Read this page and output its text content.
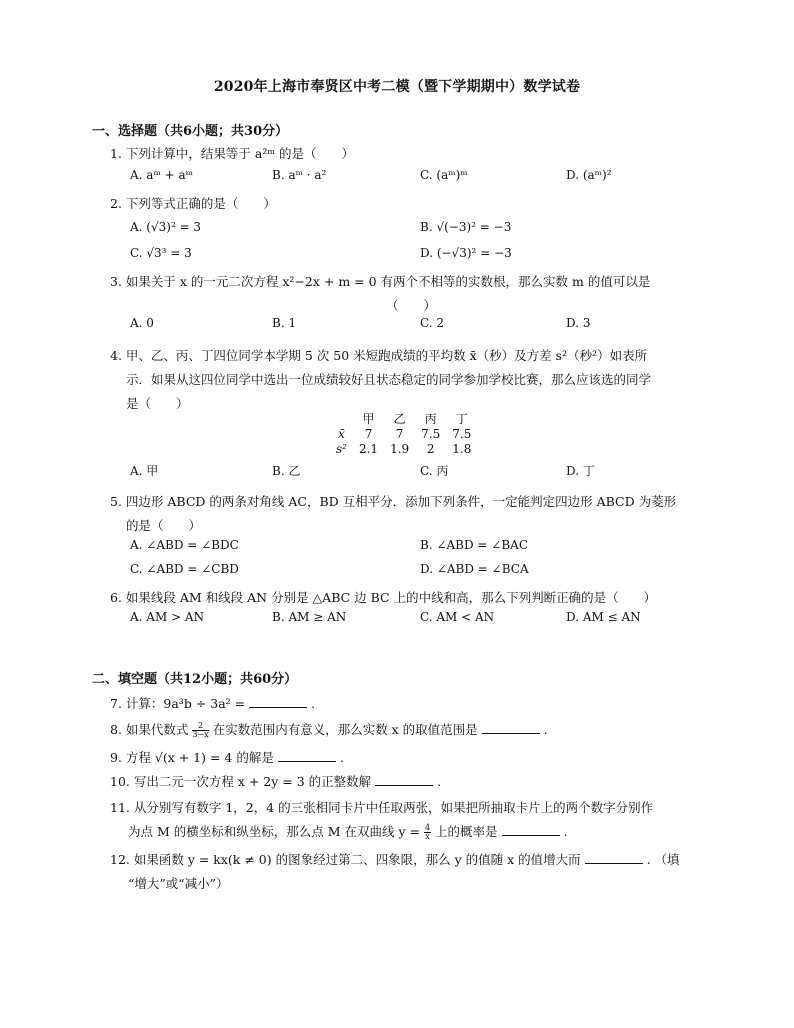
2020年上海市奉贤区中考二模（暨下学期期中）数学试卷
一、选择题（共6小题；共30分）
1. 下列计算中，结果等于 a²ᵐ 的是（　　）
A. aᵐ + aᵐ	B. aᵐ · a²	C. (aᵐ)ᵐ	D. (aᵐ)²
2. 下列等式正确的是（　　）
A. (√3)² = 3	B. √(−3)² = −3
C. √3³ = 3	D. (−√3)² = −3
3. 如果关于 x 的一元二次方程 x²−2x + m = 0 有两个不相等的实数根，那么实数 m 的值可以是
（　　）
A. 0	B. 1	C. 2	D. 3
4. 甲、乙、丙、丁四位同学本学期 5 次 50 米短跑成绩的平均数 x̄（秒）及方差 s²（秒²）如表所
示．如果从这四位同学中选出一位成绩较好且状态稳定的同学参加学校比赛，那么应该选的同学
是（　　）
	甲	乙	丙	丁
x̄	7	7	7.5	7.5
s²	2.1	1.9	2	1.8
A. 甲	B. 乙	C. 丙	D. 丁
5. 四边形 ABCD 的两条对角线 AC，BD 互相平分．添加下列条件，一定能判定四边形 ABCD 为菱形
的是（　　）
A. ∠ABD = ∠BDC	B. ∠ABD = ∠BAC
C. ∠ABD = ∠CBD	D. ∠ABD = ∠BCA
6. 如果线段 AM 和线段 AN 分别是 △ABC 边 BC 上的中线和高，那么下列判断正确的是（　　）
A. AM > AN	B. AM ≥ AN	C. AM < AN	D. AM ≤ AN
二、填空题（共12小题；共60分）
7. 计算：9a³b ÷ 3a² =	.
8. 如果代数式 $\frac{2}{3-x}$ 在实数范围内有意义，那么实数 x 的取值范围是	.
9. 方程 √(x + 1) = 4 的解是	.
10. 写出二元一次方程 x + 2y = 3 的正整数解	.
11. 从分别写有数字 1，2，4 的三张相同卡片中任取两张，如果把所抽取卡片上的两个数字分别作
为点 M 的横坐标和纵坐标，那么点 M 在双曲线 $y = \frac{4}{x}$ 上的概率是	.
12. 如果函数 y = kx(k ≠ 0) 的图象经过第二、四象限，那么 y 的值随 x 的值增大而	. （填
“增大”或“减小”）
